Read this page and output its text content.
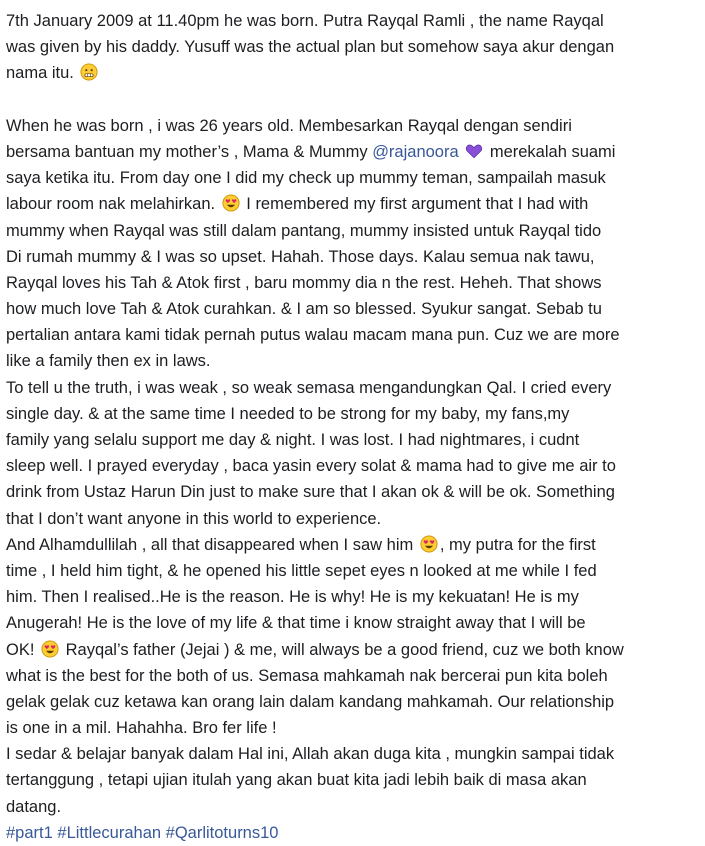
7th January 2009 at 11.40pm he was born. Putra Rayqal Ramli , the name Rayqal
was given by his daddy. Yusuff was the actual plan but somehow saya akur dengan
nama itu.
When he was born , i was 26 years old. Membesarkan Rayqal dengan sendiri
bersama bantuan my mother’s , Mama & Mummy @rajanoora
merekalah suami
saya ketika itu. From day one I did my check up mummy teman, sampailah masuk
labour room nak melahirkan.
I remembered my first argument that I had with
mummy when Rayqal was still dalam pantang, mummy insisted untuk Rayqal tido
Di rumah mummy & I was so upset. Hahah. Those days. Kalau semua nak tawu,
Rayqal loves his Tah & Atok first , baru mommy dia n the rest. Heheh. That shows
how much love Tah & Atok curahkan. & I am so blessed. Syukur sangat. Sebab tu
pertalian antara kami tidak pernah putus walau macam mana pun. Cuz we are more
like a family then ex in laws.
To tell u the truth, i was weak , so weak semasa mengandungkan Qal. I cried every
single day. & at the same time I needed to be strong for my baby, my fans,my
family yang selalu support me day & night. I was lost. I had nightmares, i cudnt
sleep well. I prayed everyday , baca yasin every solat & mama had to give me air to
drink from Ustaz Harun Din just to make sure that I akan ok & will be ok. Something
that I don’t want anyone in this world to experience.
And Alhamdullilah , all that disappeared when I saw him
, my putra for the first
time , I held him tight, & he opened his little sepet eyes n looked at me while I fed
him. Then I realised..He is the reason. He is why! He is my kekuatan! He is my
Anugerah! He is the love of my life & that time i know straight away that I will be
OK!
Rayqal’s father (Jejai ) & me, will always be a good friend, cuz we both know
what is the best for the both of us. Semasa mahkamah nak bercerai pun kita boleh
gelak gelak cuz ketawa kan orang lain dalam kandang mahkamah. Our relationship
is one in a mil. Hahahha. Bro fer life !
I sedar & belajar banyak dalam Hal ini, Allah akan duga kita , mungkin sampai tidak
tertanggung , tetapi ujian itulah yang akan buat kita jadi lebih baik di masa akan
datang.
#part1 #Littlecurahan #Qarlitoturns10
